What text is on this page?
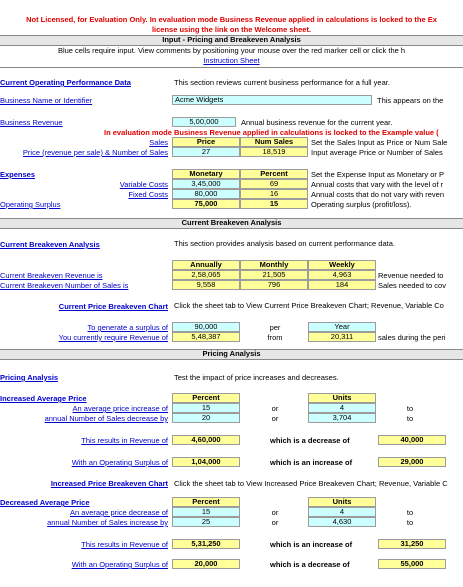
Not Licensed, for Evaluation Only. In evaluation mode Business Revenue applied in calculations is locked to the Ex
license using the link on the Welcome sheet.
Input - Pricing and Breakeven Analysis
Blue cells require input. View comments by positioning your mouse over the red marker cell or click the h
Instruction Sheet
Current Operating Performance Data	This section reviews current business performance for a full year.
Business Name or Identifier	Acme Widgets	This appears on the
Business Revenue	5,00,000	Annual business revenue for the current year.
In evaluation mode Business Revenue applied in calculations is locked to the Example value (
Sales	Price	Num Sales	Set the Sales Input as Price or Num Sale
Price (revenue per sale) & Number of Sales	27	18,519	Input average Price or Number of Sales
Expenses	Monetary	Percent	Set the Expense Input as Monetary or P
Variable Costs	3,45,000	69	Annual costs that vary with the level of r
Fixed Costs	80,000	16	Annual costs that do not vary with reven
Operating Surplus	75,000	15	Operating surplus (profit/loss).
Current Breakeven Analysis
Current Breakeven Analysis	This section provides analysis based on current performance data.
Annually	Monthly	Weekly
Current Breakeven Revenue is	2,58,065	21,505	4,963	Revenue needed to
Current Breakeven Number of Sales is	9,558	796	184	Sales needed to cov
Current Price Breakeven Chart Click the sheet tab to View Current Price Breakeven Chart; Revenue, Variable Co
To generate a surplus of	90,000	per	Year
You currently require Revenue of	5,48,387	from	20,311	sales during the peri
Pricing Analysis
Pricing Analysis	Test the impact of price increases and decreases.
Increased Average Price	Percent	Units
An average price increase of	15	or	4	to
annual Number of Sales decrease by	20	or	3,704	to
This results in Revenue of	4,60,000	which is a decrease of	40,000
With an Operating Surplus of	1,04,000	which is an increase of	29,000
Increased Price Breakeven Chart Click the sheet tab to View Increased Price Breakeven Chart; Revenue, Variable C
Decreased Average Price	Percent	Units
An average price decrease of	15	or	4	to
annual Number of Sales increase by	25	or	4,630	to
This results in Revenue of	5,31,250	which is an increase of	31,250
With an Operating Surplus of	20,000	which is a decrease of	55,000
